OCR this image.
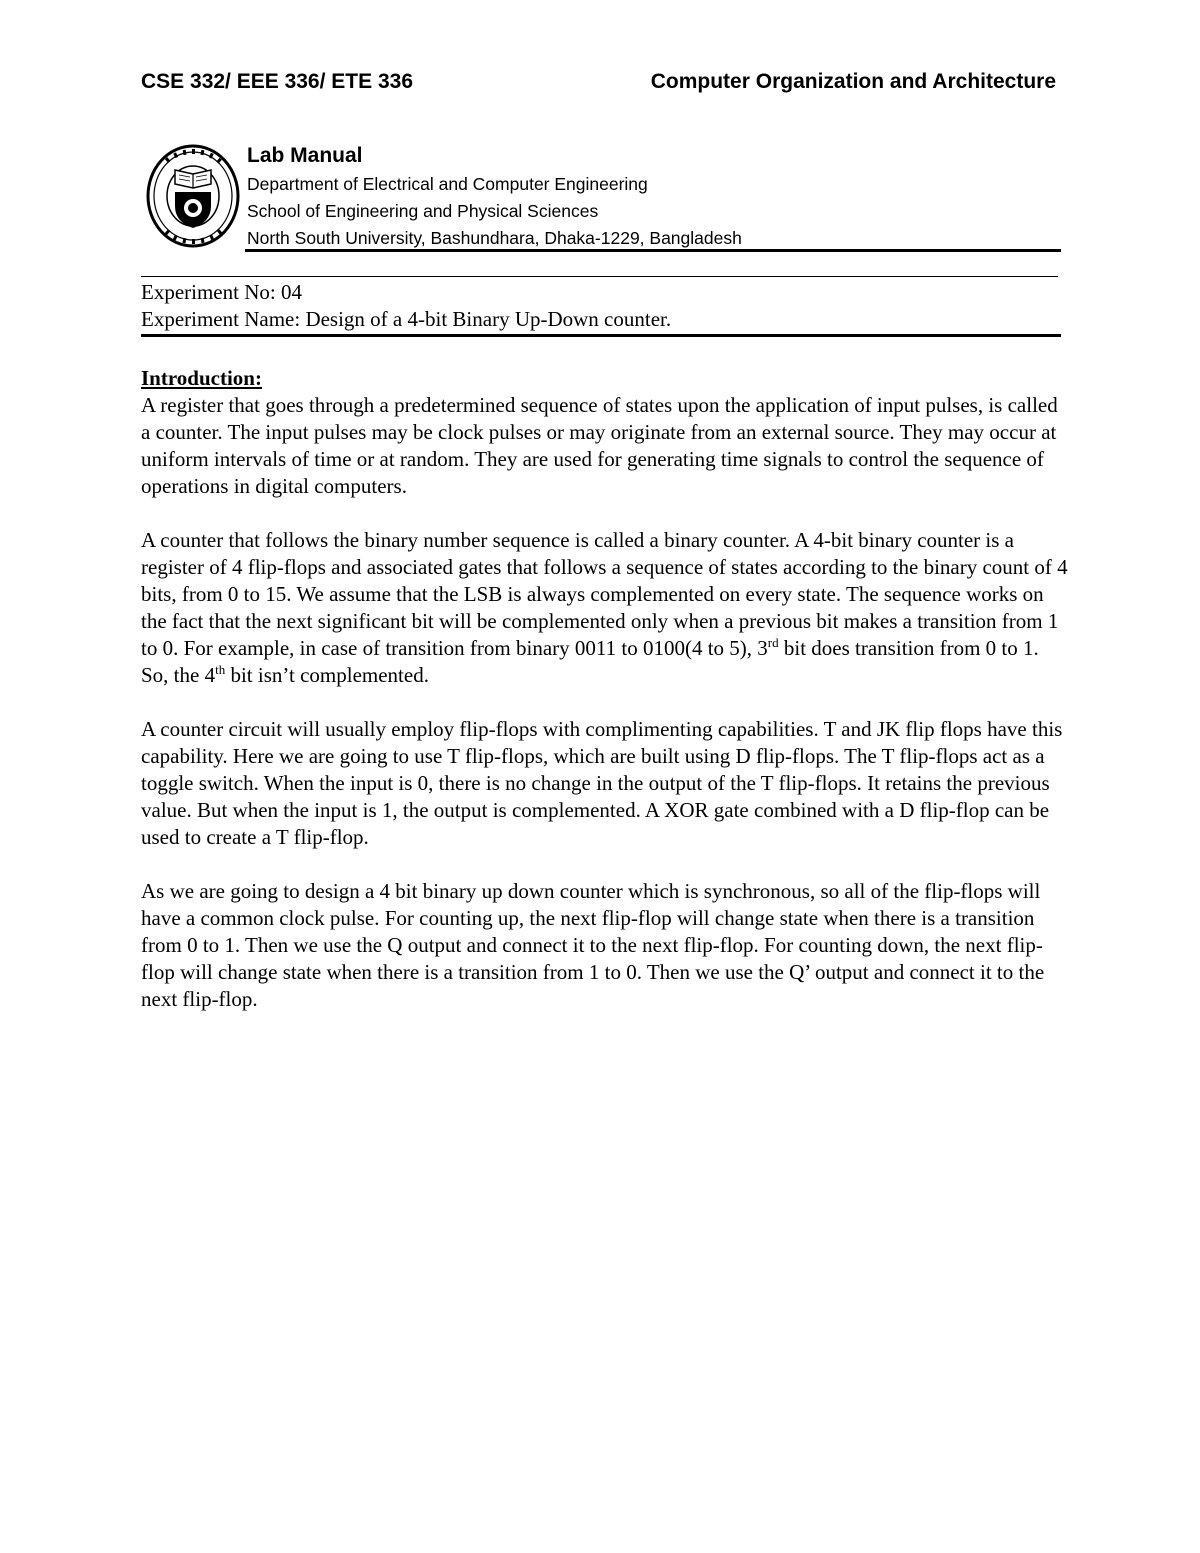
CSE 332/ EEE 336/ ETE 336	Computer Organization and Architecture
Lab Manual
Department of Electrical and Computer Engineering
School of Engineering and Physical Sciences
North South University, Bashundhara, Dhaka-1229, Bangladesh
Experiment No: 04
Experiment Name: Design of a 4-bit Binary Up-Down counter.

Introduction:
A register that goes through a predetermined sequence of states upon the application of input pulses, is called a counter. The input pulses may be clock pulses or may originate from an external source. They may occur at uniform intervals of time or at random. They are used for generating time signals to control the sequence of operations in digital computers.

A counter that follows the binary number sequence is called a binary counter. A 4-bit binary counter is a register of 4 flip-flops and associated gates that follows a sequence of states according to the binary count of 4 bits, from 0 to 15. We assume that the LSB is always complemented on every state. The sequence works on the fact that the next significant bit will be complemented only when a previous bit makes a transition from 1 to 0. For example, in case of transition from binary 0011 to 0100(4 to 5), 3rd bit does transition from 0 to 1. So, the 4th bit isn’t complemented.

A counter circuit will usually employ flip-flops with complimenting capabilities. T and JK flip flops have this capability. Here we are going to use T flip-flops, which are built using D flip-flops. The T flip-flops act as a toggle switch. When the input is 0, there is no change in the output of the T flip-flops. It retains the previous value. But when the input is 1, the output is complemented. A XOR gate combined with a D flip-flop can be used to create a T flip-flop.

As we are going to design a 4 bit binary up down counter which is synchronous, so all of the flip-flops will have a common clock pulse. For counting up, the next flip-flop will change state when there is a transition from 0 to 1. Then we use the Q output and connect it to the next flip-flop. For counting down, the next flip-flop will change state when there is a transition from 1 to 0. Then we use the Q’ output and connect it to the next flip-flop.
